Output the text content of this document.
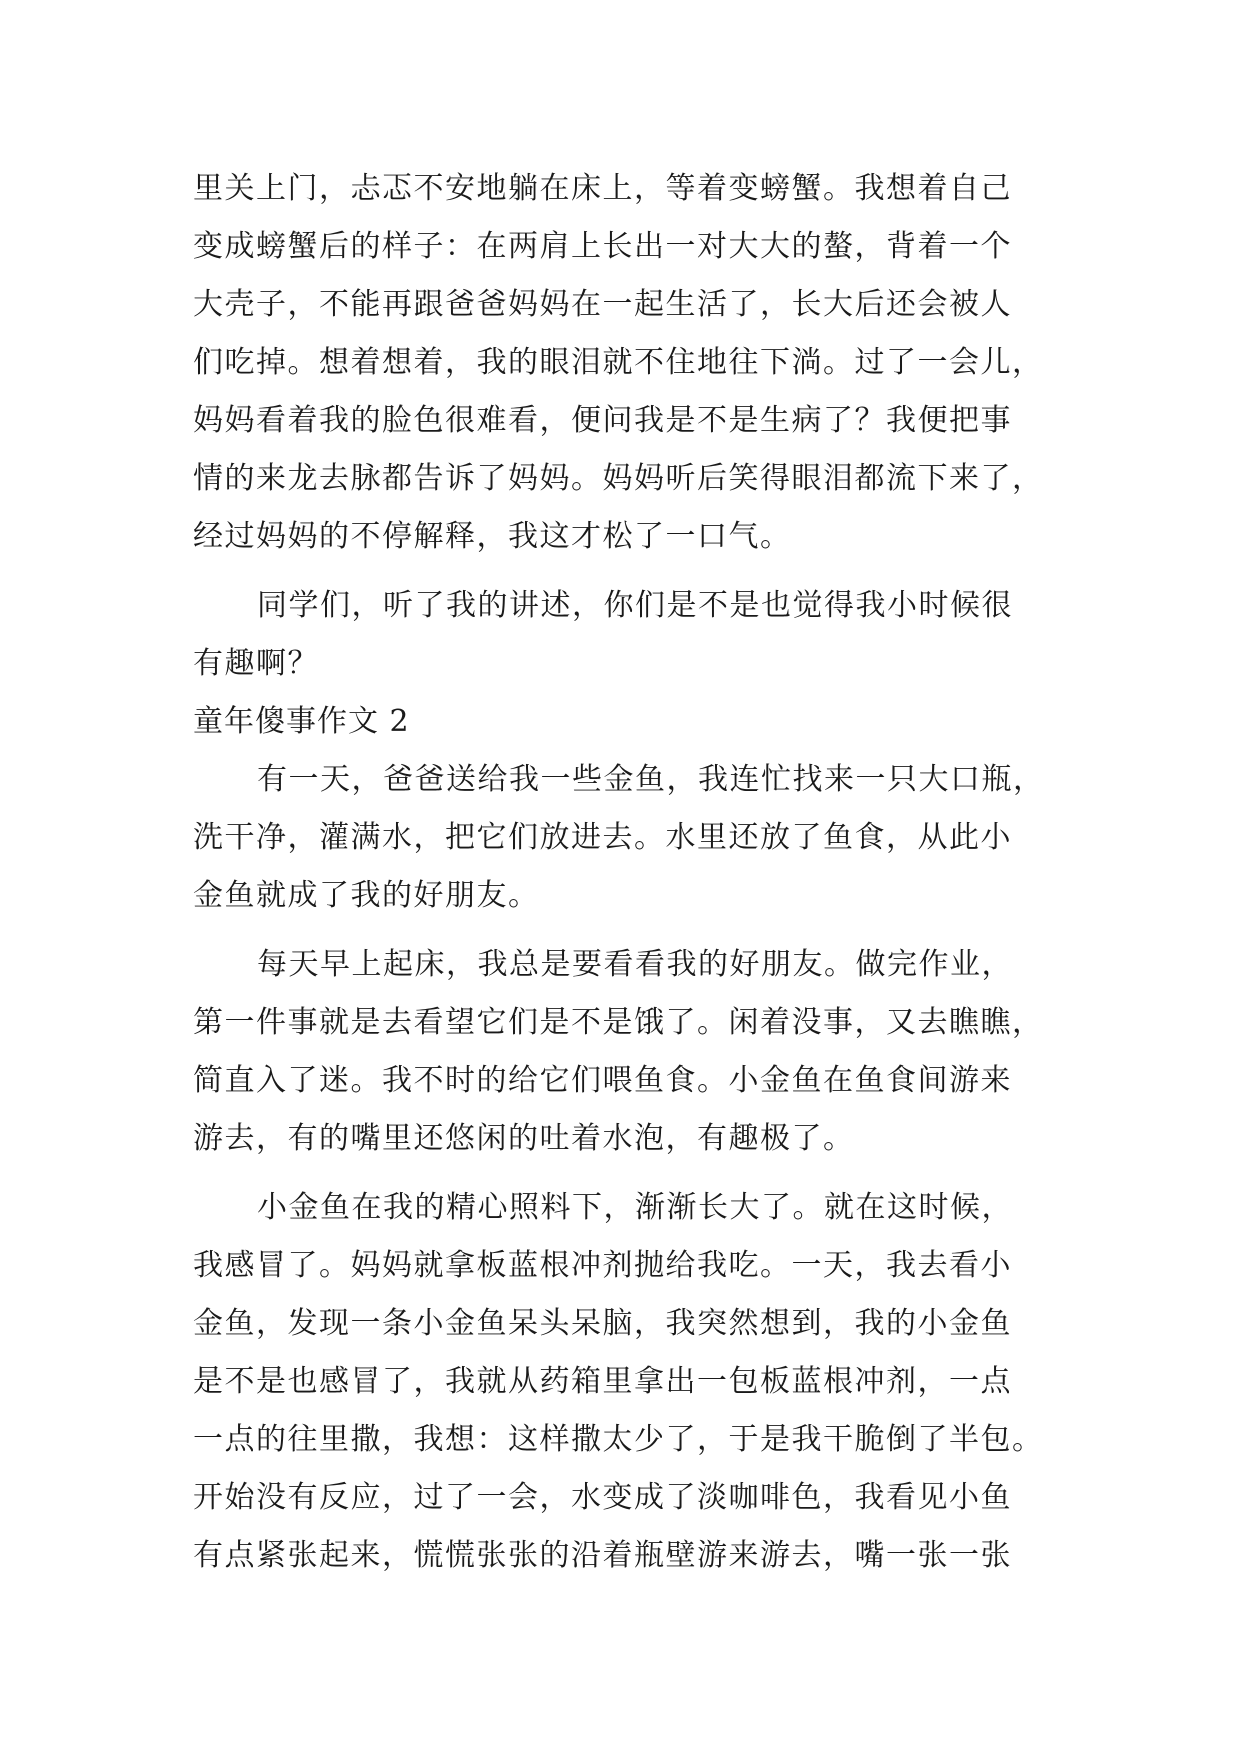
里关上门，忐忑不安地躺在床上，等着变螃蟹。我想着自己
变成螃蟹后的样子：在两肩上长出一对大大的螯，背着一个
大壳子，不能再跟爸爸妈妈在一起生活了，长大后还会被人
们吃掉。想着想着，我的眼泪就不住地往下淌。过了一会儿，
妈妈看着我的脸色很难看，便问我是不是生病了？我便把事
情的来龙去脉都告诉了妈妈。妈妈听后笑得眼泪都流下来了，
经过妈妈的不停解释，我这才松了一口气。
同学们，听了我的讲述，你们是不是也觉得我小时候很
有趣啊？
童年傻事作文 2
有一天，爸爸送给我一些金鱼，我连忙找来一只大口瓶，
洗干净，灌满水，把它们放进去。水里还放了鱼食，从此小
金鱼就成了我的好朋友。
每天早上起床，我总是要看看我的好朋友。做完作业，
第一件事就是去看望它们是不是饿了。闲着没事，又去瞧瞧，
简直入了迷。我不时的给它们喂鱼食。小金鱼在鱼食间游来
游去，有的嘴里还悠闲的吐着水泡，有趣极了。
小金鱼在我的精心照料下，渐渐长大了。就在这时候，
我感冒了。妈妈就拿板蓝根冲剂抛给我吃。一天，我去看小
金鱼，发现一条小金鱼呆头呆脑，我突然想到，我的小金鱼
是不是也感冒了，我就从药箱里拿出一包板蓝根冲剂，一点
一点的往里撒，我想：这样撒太少了，于是我干脆倒了半包。
开始没有反应，过了一会，水变成了淡咖啡色，我看见小鱼
有点紧张起来，慌慌张张的沿着瓶壁游来游去，嘴一张一张
